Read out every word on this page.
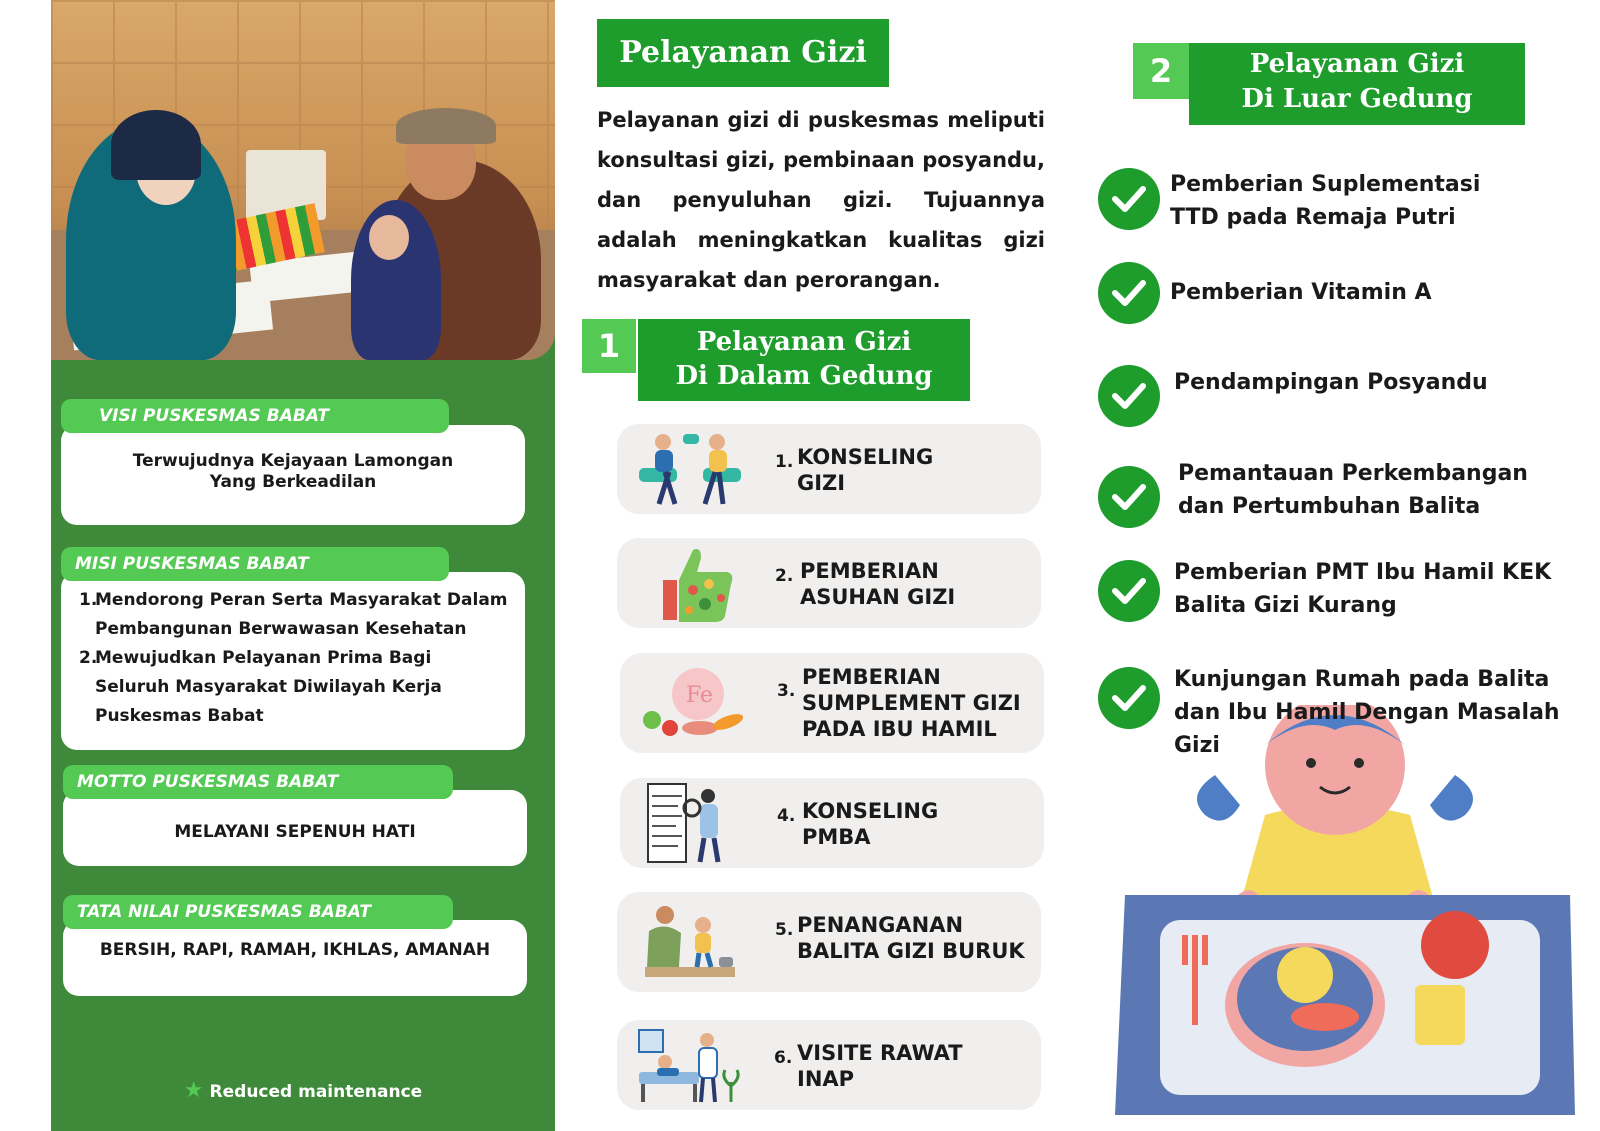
Terwujudnya Kejayaan Lamongan
Yang Berkeadilan
VISI PUSKESMAS BABAT
1.
Mendorong Peran Serta Masyarakat Dalam
Pembangunan Berwawasan Kesehatan
2.
Mewujudkan Pelayanan Prima Bagi
Seluruh Masyarakat Diwilayah Kerja
Puskesmas Babat
MISI PUSKESMAS BABAT
MELAYANI SEPENUH HATI
MOTTO PUSKESMAS BABAT
BERSIH, RAPI, RAMAH, IKHLAS, AMANAH
TATA NILAI PUSKESMAS BABAT
★ Reduced maintenance
Pelayanan Gizi
Pelayanan gizi di puskesmas meliputi konsultasi gizi, pembinaan posyandu, dan penyuluhan gizi. Tujuannya adalah meningkatkan kualitas gizi masyarakat dan perorangan.
1	Pelayanan Gizi
Di Dalam Gedung
1. KONSELING
GIZI
2. PEMBERIAN
ASUHAN GIZI
Fe	3.
PEMBERIAN
SUMPLEMENT GIZI
PADA IBU HAMIL
4. KONSELING
PMBA
5. PENANGANAN
BALITA GIZI BURUK
6. VISITE RAWAT
INAP
2	Pelayanan Gizi
Di Luar Gedung
Pemberian Suplementasi
TTD pada Remaja Putri
Pemberian Vitamin A
Pendampingan Posyandu
Pemantauan Perkembangan
dan Pertumbuhan Balita
Pemberian PMT Ibu Hamil KEK
Balita Gizi Kurang
Kunjungan Rumah pada Balita
dan Ibu Hamil Dengan Masalah
Gizi
